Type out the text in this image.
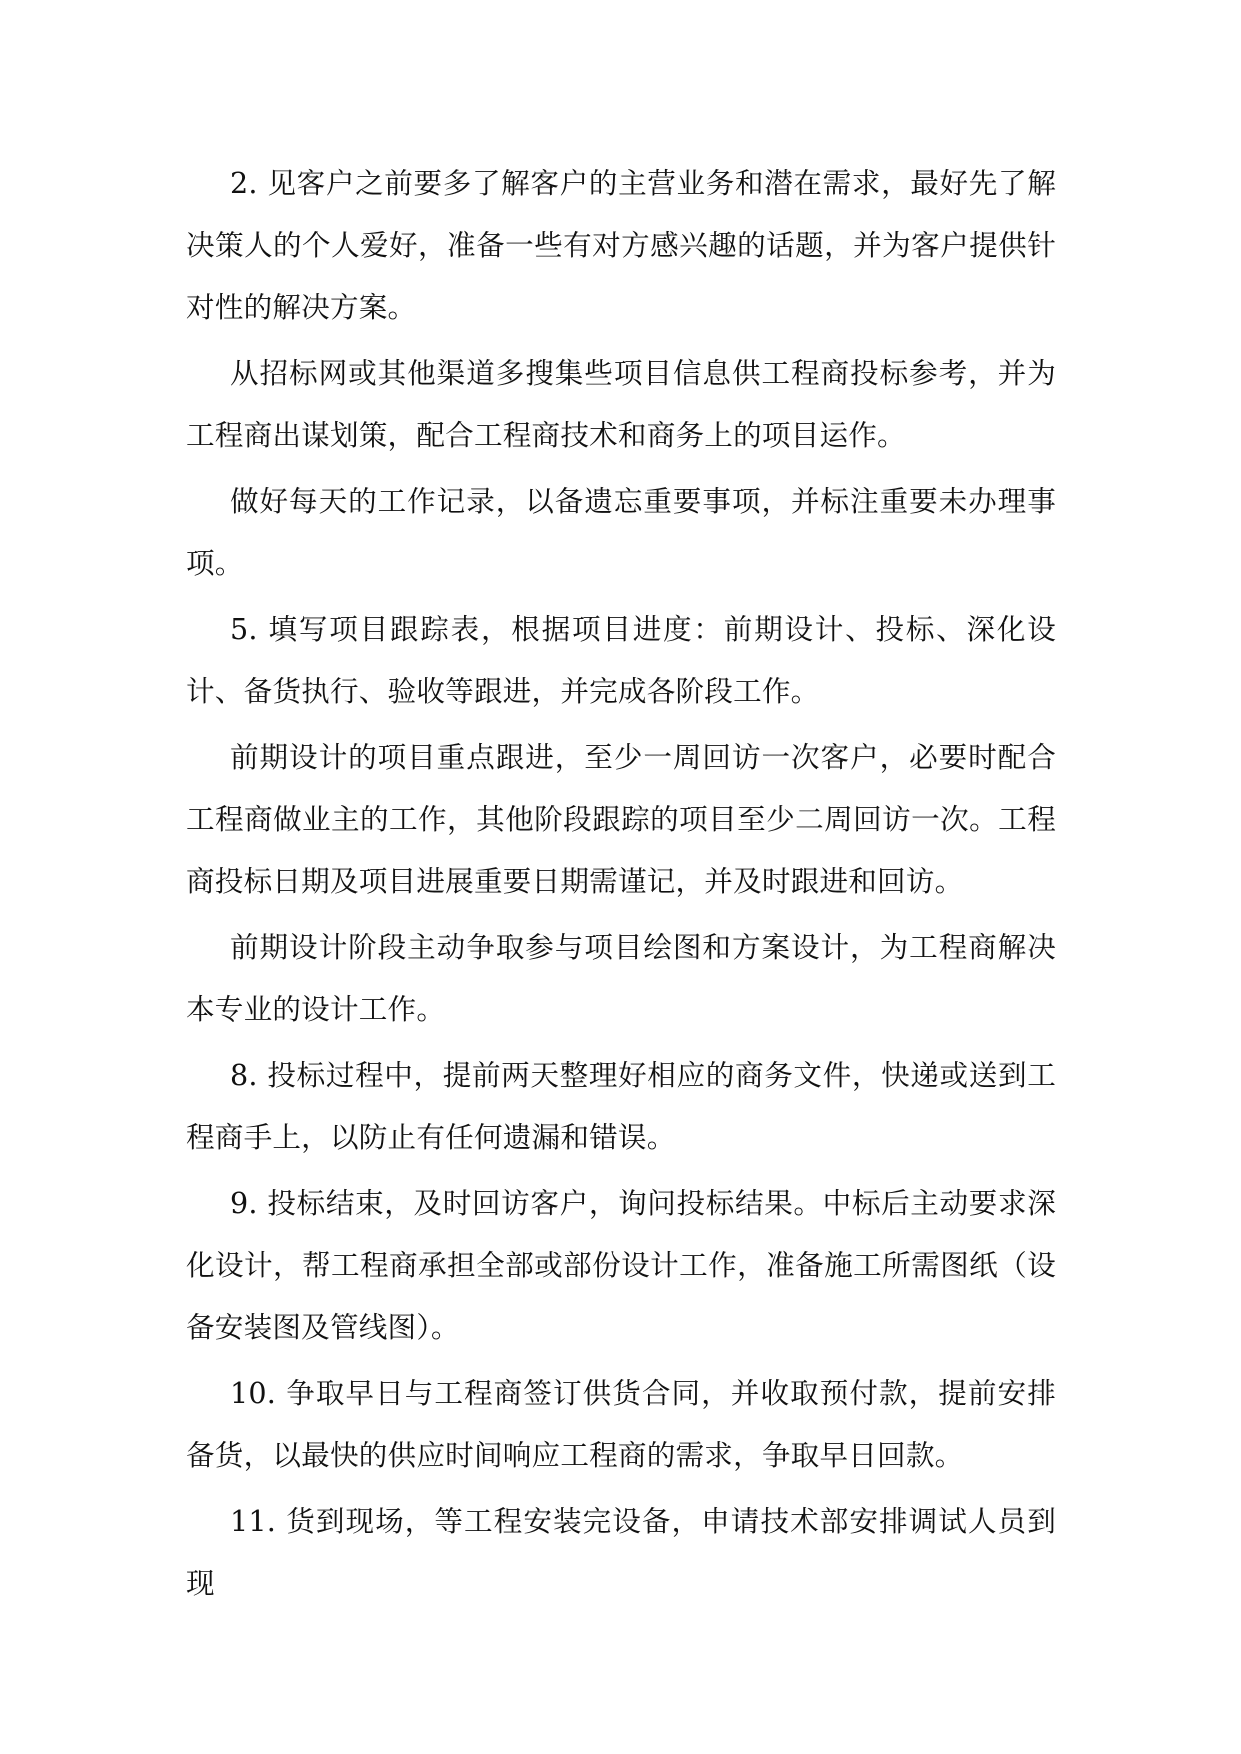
2. 见客户之前要多了解客户的主营业务和潜在需求，最好先了解决策人的个人爱好，准备一些有对方感兴趣的话题，并为客户提供针对性的解决方案。

从招标网或其他渠道多搜集些项目信息供工程商投标参考，并为工程商出谋划策，配合工程商技术和商务上的项目运作。

做好每天的工作记录，以备遗忘重要事项，并标注重要未办理事项。

5. 填写项目跟踪表，根据项目进度：前期设计、投标、深化设计、备货执行、验收等跟进，并完成各阶段工作。

前期设计的项目重点跟进，至少一周回访一次客户，必要时配合工程商做业主的工作，其他阶段跟踪的项目至少二周回访一次。工程商投标日期及项目进展重要日期需谨记，并及时跟进和回访。

前期设计阶段主动争取参与项目绘图和方案设计，为工程商解决本专业的设计工作。

8. 投标过程中，提前两天整理好相应的商务文件，快递或送到工程商手上，以防止有任何遗漏和错误。

9. 投标结束，及时回访客户，询问投标结果。中标后主动要求深化设计，帮工程商承担全部或部份设计工作，准备施工所需图纸（设备安装图及管线图）。

10. 争取早日与工程商签订供货合同，并收取预付款，提前安排备货，以最快的供应时间响应工程商的需求，争取早日回款。

11. 货到现场，等工程安装完设备，申请技术部安排调试人员到现
